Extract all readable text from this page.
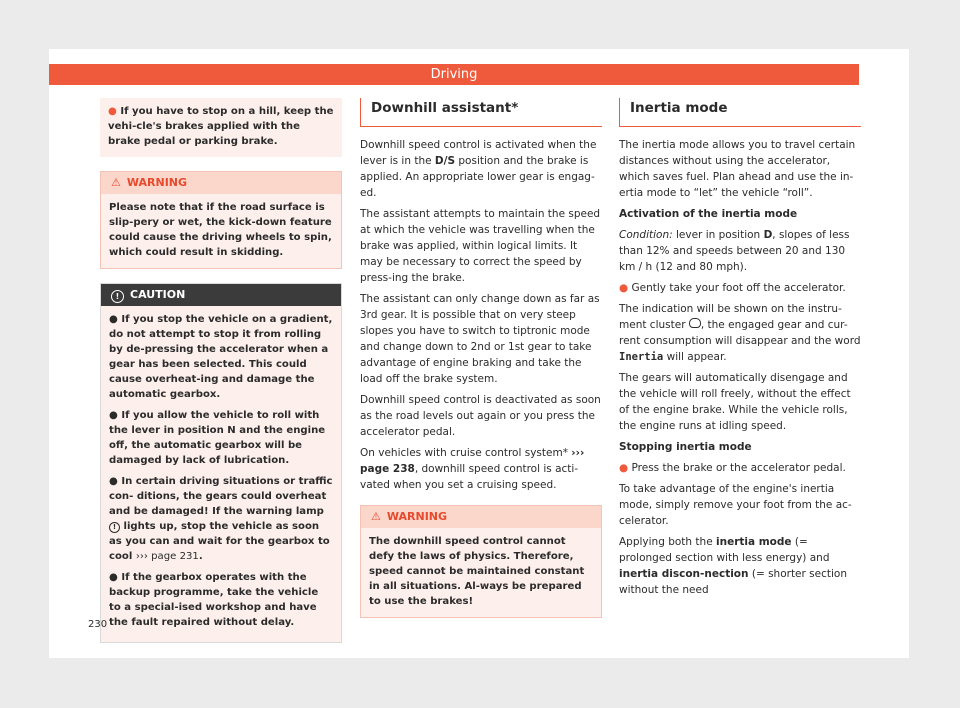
Driving

● If you have to stop on a hill, keep the vehi-cle's brakes applied with the brake pedal or parking brake.

⚠ WARNING

Please note that if the road surface is slip-pery or wet, the kick-down feature could cause the driving wheels to spin, which could result in skidding.

! CAUTION

● If you stop the vehicle on a gradient, do not attempt to stop it from rolling by de-pressing the accelerator when a gear has been selected. This could cause overheat-ing and damage the automatic gearbox.

● If you allow the vehicle to roll with the lever in position N and the engine off, the automatic gearbox will be damaged by lack of lubrication.

● In certain driving situations or traffic con- ditions, the gears could overheat and be damaged! If the warning lamp ! lights up, stop the vehicle as soon as you can and wait for the gearbox to cool ››› page 231.

● If the gearbox operates with the backup programme, take the vehicle to a special-ised workshop and have the fault repaired without delay.

Downhill assistant*

Downhill speed control is activated when the lever is in the D/S position and the brake is applied. An appropriate lower gear is engag-ed.

The assistant attempts to maintain the speed at which the vehicle was travelling when the brake was applied, within logical limits. It may be necessary to correct the speed by press-ing the brake.

The assistant can only change down as far as 3rd gear. It is possible that on very steep slopes you have to switch to tiptronic mode and change down to 2nd or 1st gear to take advantage of engine braking and take the load off the brake system.

Downhill speed control is deactivated as soon as the road levels out again or you press the accelerator pedal.

On vehicles with cruise control system* ››› page 238, downhill speed control is acti-vated when you set a cruising speed.

⚠ WARNING

The downhill speed control cannot defy the laws of physics. Therefore, speed cannot be maintained constant in all situations. Al-ways be prepared to use the brakes!

Inertia mode

The inertia mode allows you to travel certain distances without using the accelerator, which saves fuel. Plan ahead and use the in-ertia mode to “let” the vehicle “roll”.

Activation of the inertia mode

Condition: lever in position D, slopes of less than 12% and speeds between 20 and 130 km / h (12 and 80 mph).

● Gently take your foot off the accelerator.

The indication will be shown on the instru-ment cluster , the engaged gear and cur-rent consumption will disappear and the word Inertia will appear.

The gears will automatically disengage and the vehicle will roll freely, without the effect of the engine brake. While the vehicle rolls, the engine runs at idling speed.

Stopping inertia mode

● Press the brake or the accelerator pedal.

To take advantage of the engine's inertia mode, simply remove your foot from the ac-celerator.

Applying both the inertia mode (= prolonged section with less energy) and inertia discon-nection (= shorter section without the need

230
